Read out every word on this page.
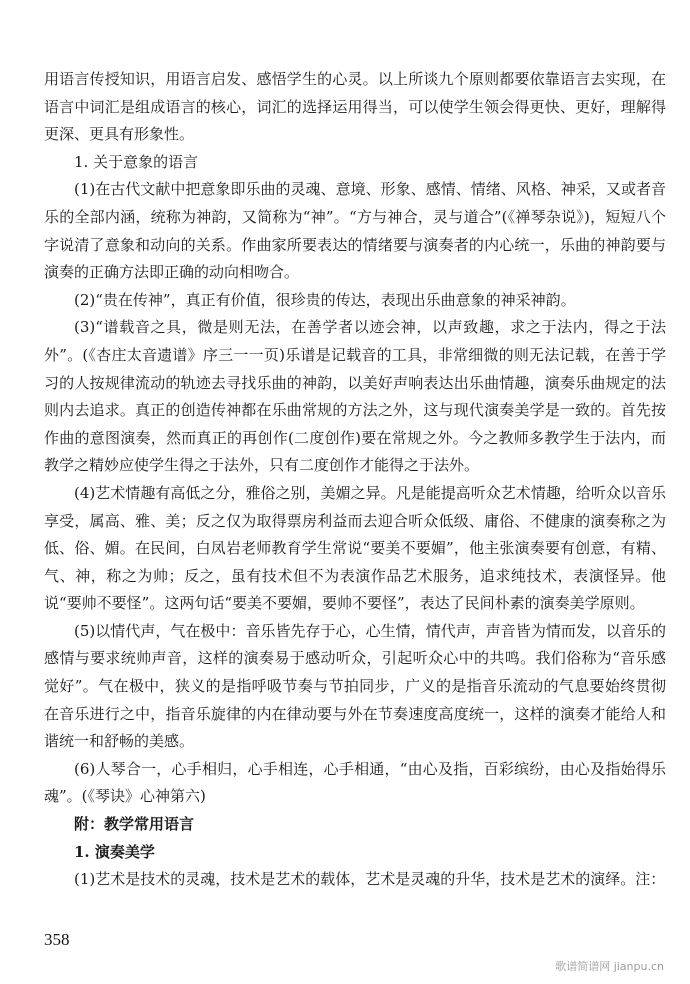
用语言传授知识，用语言启发、感悟学生的心灵。以上所谈九个原则都要依靠语言去实现，在语言中词汇是组成语言的核心，词汇的选择运用得当，可以使学生领会得更快、更好，理解得更深、更具有形象性。

1. 关于意象的语言

(1)在古代文献中把意象即乐曲的灵魂、意境、形象、感情、情绪、风格、神采，又或者音乐的全部内涵，统称为神韵，又简称为“神”。“方与神合，灵与道合”(《禅琴杂说》)，短短八个字说清了意象和动向的关系。作曲家所要表达的情绪要与演奏者的内心统一，乐曲的神韵要与演奏的正确方法即正确的动向相吻合。

(2)“贵在传神”，真正有价值，很珍贵的传达，表现出乐曲意象的神采神韵。

(3)“谱载音之具，微是则无法，在善学者以迹会神，以声致趣，求之于法内，得之于法外”。(《杏庄太音遗谱》序三一一页)乐谱是记载音的工具，非常细微的则无法记载，在善于学习的人按规律流动的轨迹去寻找乐曲的神韵，以美好声响表达出乐曲情趣，演奏乐曲规定的法则内去追求。真正的创造传神都在乐曲常规的方法之外，这与现代演奏美学是一致的。首先按作曲的意图演奏，然而真正的再创作(二度创作)要在常规之外。今之教师多教学生于法内，而教学之精妙应使学生得之于法外，只有二度创作才能得之于法外。

(4)艺术情趣有高低之分，雅俗之别，美媚之异。凡是能提高听众艺术情趣，给听众以音乐享受，属高、雅、美；反之仅为取得票房利益而去迎合听众低级、庸俗、不健康的演奏称之为低、俗、媚。在民间，白凤岩老师教育学生常说“要美不要媚”，他主张演奏要有创意，有精、气、神，称之为帅；反之，虽有技术但不为表演作品艺术服务，追求纯技术，表演怪异。他说“要帅不要怪”。这两句话“要美不要媚，要帅不要怪”，表达了民间朴素的演奏美学原则。

(5)以情代声，气在极中：音乐皆先存于心，心生情，情代声，声音皆为情而发，以音乐的感情与要求统帅声音，这样的演奏易于感动听众，引起听众心中的共鸣。我们俗称为“音乐感觉好”。气在极中，狭义的是指呼吸节奏与节拍同步，广义的是指音乐流动的气息要始终贯彻在音乐进行之中，指音乐旋律的内在律动要与外在节奏速度高度统一，这样的演奏才能给人和谐统一和舒畅的美感。

(6)人琴合一，心手相归，心手相连，心手相通，“由心及指，百彩缤纷，由心及指始得乐魂”。(《琴诀》心神第六)

附：教学常用语言

1. 演奏美学

(1)艺术是技术的灵魂，技术是艺术的载体，艺术是灵魂的升华，技术是艺术的演绎。注：

358
歌谱简谱网 jianpu.cn
